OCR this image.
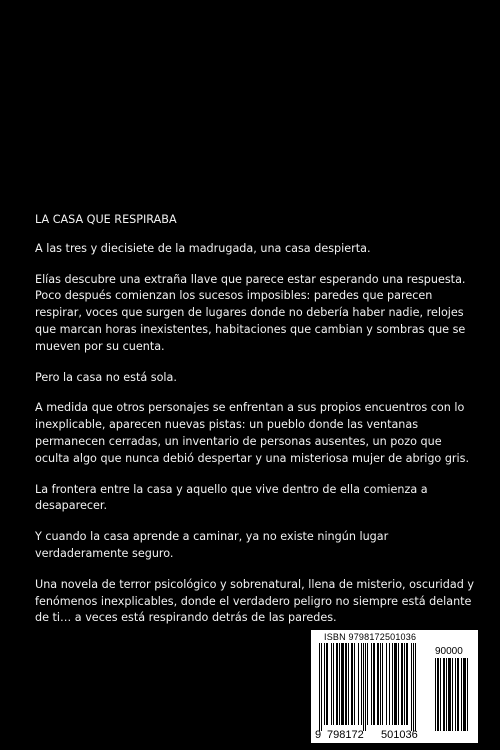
LA CASA QUE RESPIRABA

A las tres y diecisiete de la madrugada, una casa despierta.

Elías descubre una extraña llave que parece estar esperando una respuesta. Poco después comienzan los sucesos imposibles: paredes que parecen respirar, voces que surgen de lugares donde no debería haber nadie, relojes que marcan horas inexistentes, habitaciones que cambian y sombras que se mueven por su cuenta.

Pero la casa no está sola.

A medida que otros personajes se enfrentan a sus propios encuentros con lo inexplicable, aparecen nuevas pistas: un pueblo donde las ventanas permanecen cerradas, un inventario de personas ausentes, un pozo que oculta algo que nunca debió despertar y una misteriosa mujer de abrigo gris.

La frontera entre la casa y aquello que vive dentro de ella comienza a desaparecer.

Y cuando la casa aprende a caminar, ya no existe ningún lugar verdaderamente seguro.

Una novela de terror psicológico y sobrenatural, llena de misterio, oscuridad y fenómenos inexplicables, donde el verdadero peligro no siempre está delante de ti… a veces está respirando detrás de las paredes.

ISBN 9798172501036
90000
9 798172 501036
